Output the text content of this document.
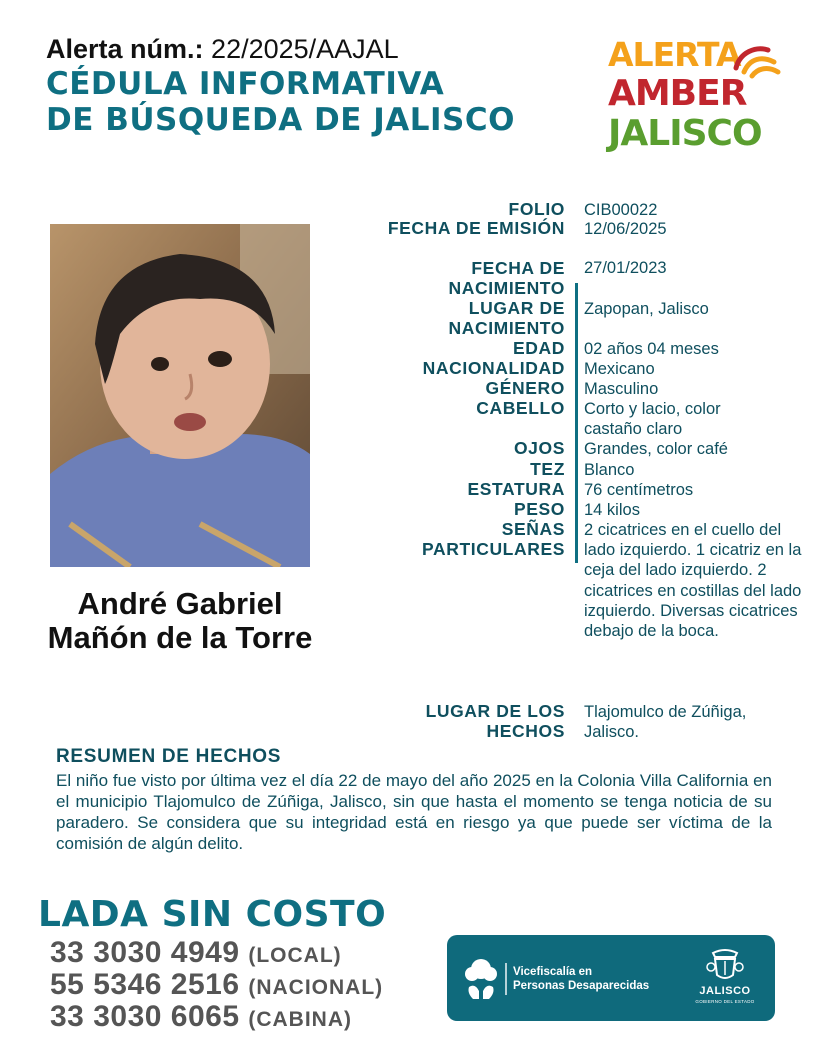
Alerta núm.: 22/2025/AAJAL
CÉDULA INFORMATIVA
DE BÚSQUEDA DE JALISCO
ALERTA
AMBER
JALISCO
André Gabriel
Mañón de la Torre
FOLIO CIB00022
FECHA DE EMISIÓN 12/06/2025
FECHA DE NACIMIENTO
27/01/2023
LUGAR DE NACIMIENTO
Zapopan, Jalisco
EDAD 02 años 04 meses
NACIONALIDAD Mexicano
GÉNERO Masculino
CABELLO Corto y lacio, color castaño claro
OJOS Grandes, color café
TEZ Blanco
ESTATURA 76 centímetros
PESO 14 kilos
SEÑAS PARTICULARES
2 cicatrices en el cuello del lado izquierdo. 1 cicatriz en la ceja del lado izquierdo. 2 cicatrices en costillas del lado izquierdo. Diversas cicatrices debajo de la boca.
LUGAR DE LOS HECHOS
Tlajomulco de Zúñiga, Jalisco.
RESUMEN DE HECHOS
El niño fue visto por última vez el día 22 de mayo del año 2025 en la Colonia Villa California en el municipio Tlajomulco de Zúñiga, Jalisco, sin que hasta el momento se tenga noticia de su paradero. Se considera que su integridad está en riesgo ya que puede ser víctima de la comisión de algún delito.
LADA SIN COSTO
33 3030 4949 (LOCAL)
55 5346 2516 (NACIONAL)
33 3030 6065 (CABINA)
Vicefiscalía en
Personas Desaparecidas	JALISCO
GOBIERNO DEL ESTADO
